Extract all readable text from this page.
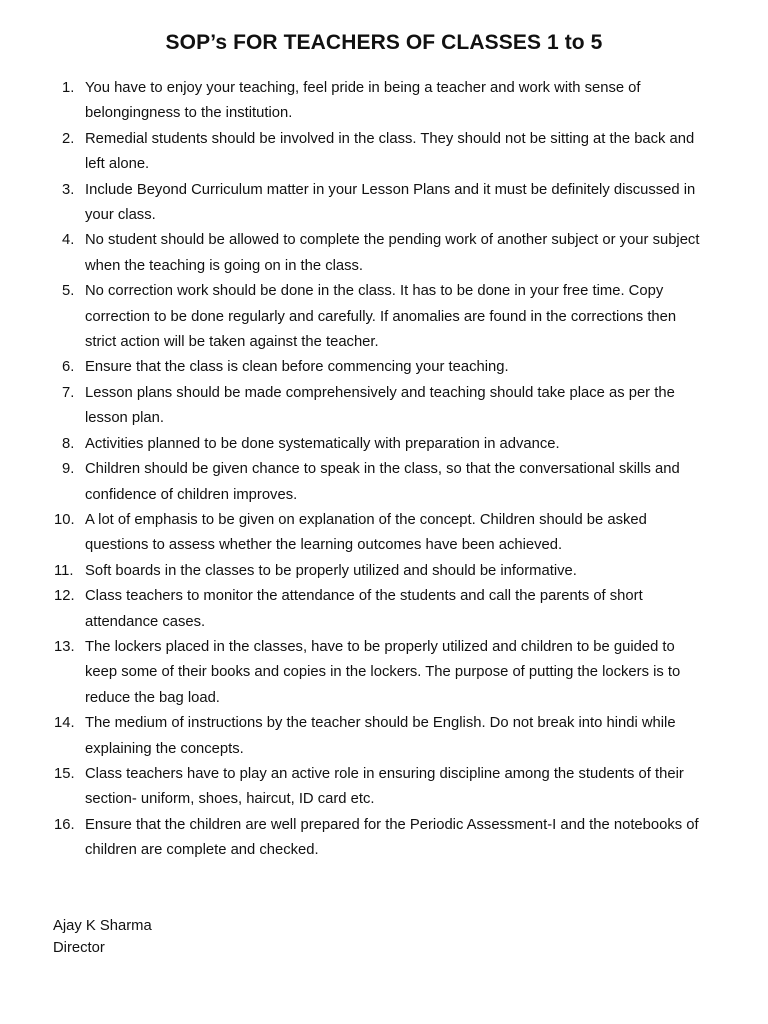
SOP’s FOR TEACHERS OF CLASSES 1 to 5
1. You have to enjoy your teaching, feel pride in being a teacher and work with sense of belongingness to the institution.
2. Remedial students should be involved in the class. They should not be sitting at the back and left alone.
3. Include Beyond Curriculum matter in your Lesson Plans and it must be definitely discussed in your class.
4. No student should be allowed to complete the pending work of another subject or your subject when the teaching is going on in the class.
5. No correction work should be done in the class. It has to be done in your free time. Copy correction to be done regularly and carefully. If anomalies are found in the corrections then strict action will be taken against the teacher.
6. Ensure that the class is clean before commencing your teaching.
7. Lesson plans should be made comprehensively and teaching should take place as per the lesson plan.
8. Activities planned to be done systematically with preparation in advance.
9. Children should be given chance to speak in the class, so that the conversational skills and confidence of children improves.
10. A lot of emphasis to be given on explanation of the concept. Children should be asked questions to assess whether the learning outcomes have been achieved.
11. Soft boards in the classes to be properly utilized and should be informative.
12. Class teachers to monitor the attendance of the students and call the parents of short attendance cases.
13. The lockers placed in the classes, have to be properly utilized and children to be guided to keep some of their books and copies in the lockers. The purpose of putting the lockers is to reduce the bag load.
14. The medium of instructions by the teacher should be English. Do not break into hindi while explaining the concepts.
15. Class teachers have to play an active role in ensuring discipline among the students of their section- uniform, shoes, haircut, ID card etc.
16. Ensure that the children are well prepared for the Periodic Assessment-I and the notebooks of children are complete and checked.
Ajay K Sharma
Director
